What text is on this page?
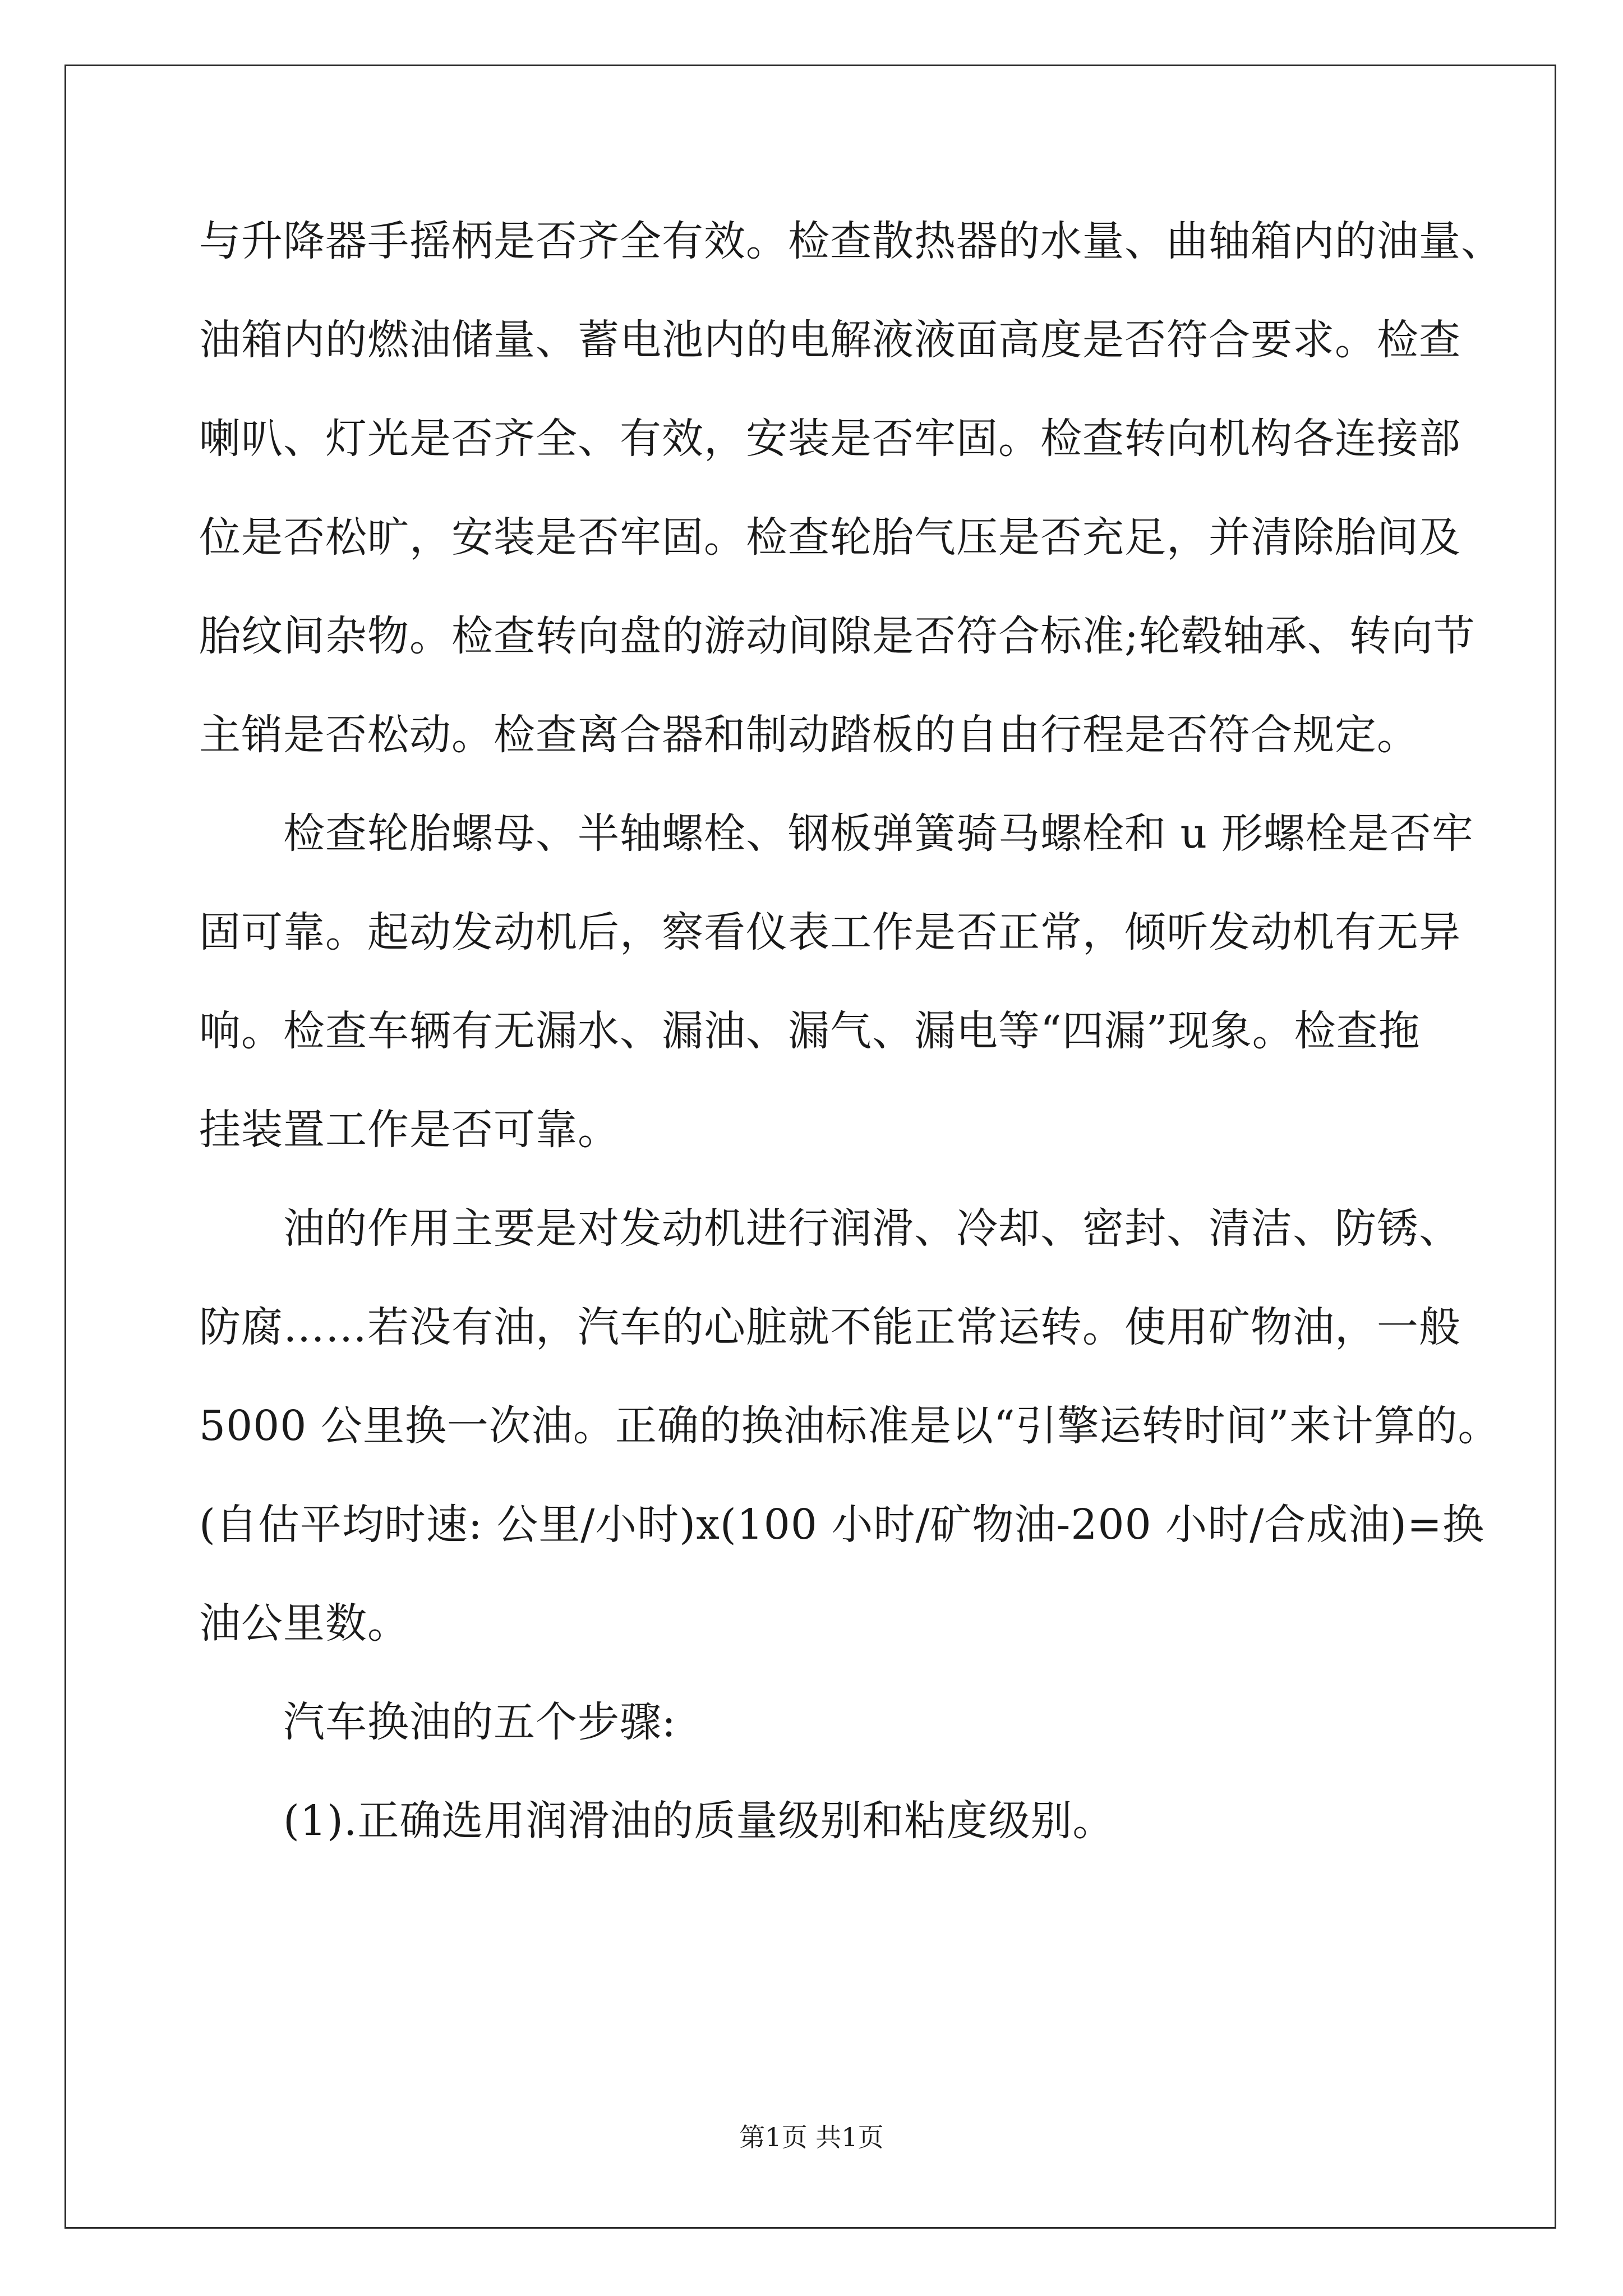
与升降器手摇柄是否齐全有效。检查散热器的水量、曲轴箱内的油量、
油箱内的燃油储量、蓄电池内的电解液液面高度是否符合要求。检查
喇叭、灯光是否齐全、有效，安装是否牢固。检查转向机构各连接部
位是否松旷，安装是否牢固。检查轮胎气压是否充足，并清除胎间及
胎纹间杂物。检查转向盘的游动间隙是否符合标准;轮毂轴承、转向节
主销是否松动。检查离合器和制动踏板的自由行程是否符合规定。
检查轮胎螺母、半轴螺栓、钢板弹簧骑马螺栓和 u 形螺栓是否牢
固可靠。起动发动机后，察看仪表工作是否正常，倾听发动机有无异
响。检查车辆有无漏水、漏油、漏气、漏电等“四漏”现象。检查拖
挂装置工作是否可靠。
油的作用主要是对发动机进行润滑、冷却、密封、清洁、防锈、
防腐……若没有油，汽车的心脏就不能正常运转。使用矿物油，一般
5000 公里换一次油。正确的换油标准是以“引擎运转时间”来计算的。
(自估平均时速: 公里/小时)x(100 小时/矿物油-200 小时/合成油)=换
油公里数。
汽车换油的五个步骤:
(1).正确选用润滑油的质量级别和粘度级别。
第1页 共1页
